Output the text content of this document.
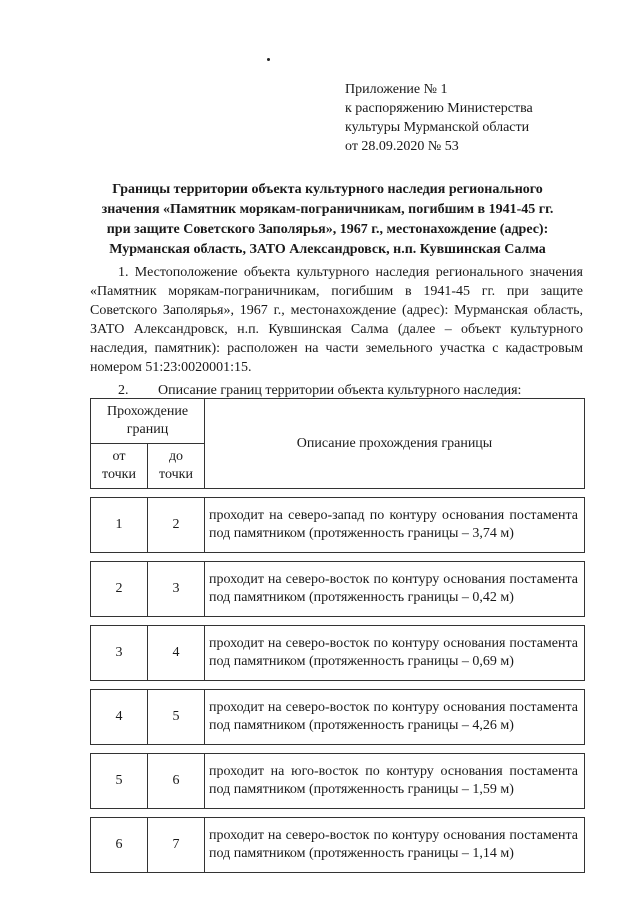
Приложение № 1
к распоряжению Министерства
культуры Мурманской области
от 28.09.2020 № 53
Границы территории объекта культурного наследия регионального значения «Памятник морякам-пограничникам, погибшим в 1941-45 гг. при защите Советского Заполярья», 1967 г., местонахождение (адрес): Мурманская область, ЗАТО Александровск, н.п. Кувшинская Салма
1. Местоположение объекта культурного наследия регионального значения «Памятник морякам-пограничникам, погибшим в 1941-45 гг. при защите Советского Заполярья», 1967 г., местонахождение (адрес): Мурманская область, ЗАТО Александровск, н.п. Кувшинская Салма (далее – объект культурного наследия, памятник): расположен на части земельного участка с кадастровым номером 51:23:0020001:15.
2. Описание границ территории объекта культурного наследия:
Прохождение границ		Описание прохождения границы
от точки	до точки	

1	2	проходит на северо-запад по контуру основания постамента под памятником (протяженность границы – 3,74 м)

2	3	проходит на северо-восток по контуру основания постамента под памятником (протяженность границы – 0,42 м)

3	4	проходит на северо-восток по контуру основания постамента под памятником (протяженность границы – 0,69 м)

4	5	проходит на северо-восток по контуру основания постамента под памятником (протяженность границы – 4,26 м)

5	6	проходит на юго-восток по контуру основания постамента под памятником (протяженность границы – 1,59 м)

6	7	проходит на северо-восток по контуру основания постамента под памятником (протяженность границы – 1,14 м)
